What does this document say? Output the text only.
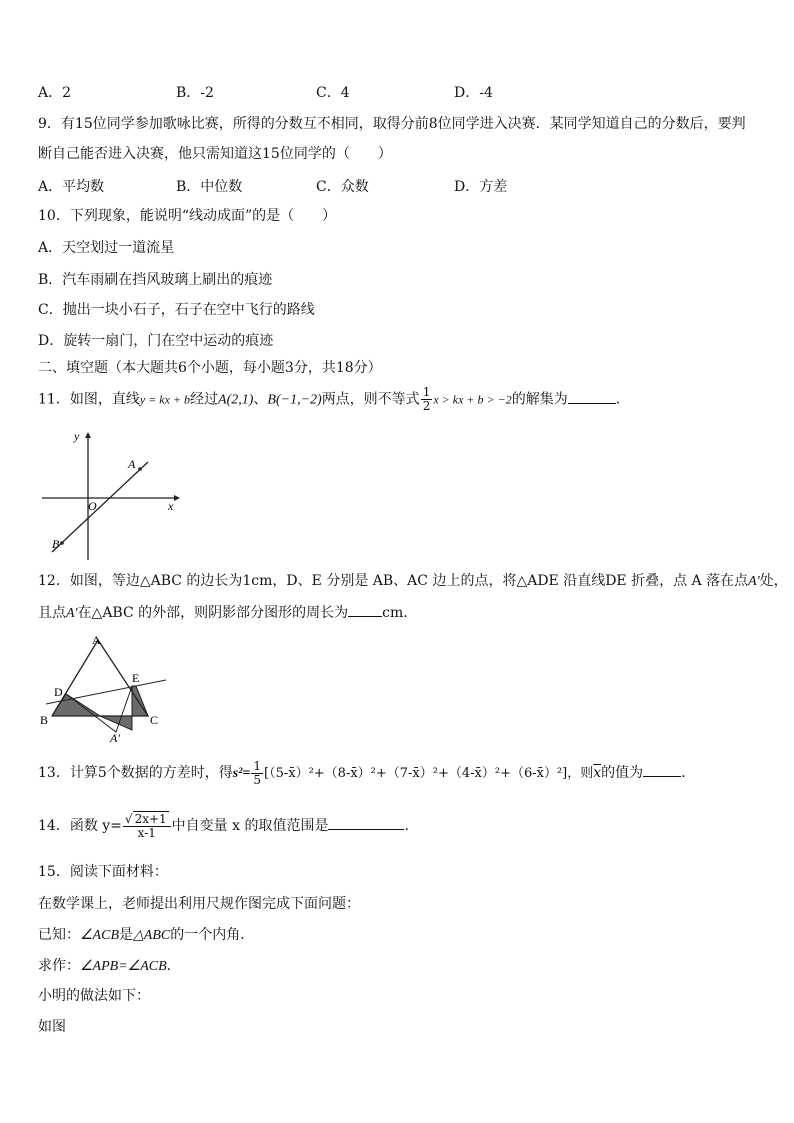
A．2	B．-2	C．4	D．-4
9．有15位同学参加歌咏比赛，所得的分数互不相同，取得分前8位同学进入决赛．某同学知道自己的分数后，要判
断自己能否进入决赛，他只需知道这15位同学的（　　）
A．平均数	B．中位数	C．众数	D．方差
10．下列现象，能说明“线动成面”的是（　　）
A．天空划过一道流星
B．汽车雨刷在挡风玻璃上刷出的痕迹
C．抛出一块小石子，石子在空中飞行的路线
D．旋转一扇门，门在空中运动的痕迹
二、填空题（本大题共6个小题，每小题3分，共18分）
11．如图，直线y = kx + b经过A(2,1)、B(−1,−2)两点，则不等式 $\frac{1}{2}$ x > kx + b > −2的解集为	.
y
x
O
A
B
12．如图，等边△ABC 的边长为1cm，D、E 分别是 AB、AC 边上的点，将△ADE 沿直线DE 折叠，点 A 落在点A'处，
且点A'在△ABC 的外部，则阴影部分图形的周长为 cm.
A
D
E
B	C
A'
13．计算5个数据的方差时，得$s^2= \frac{1}{5}$ [（5-x̄）²+（8-x̄）²+（7-x̄）²+（4-x̄）²+（6-x̄）²]，则$\overline{x}$的值为	.
14．函数 $y= \frac{√ 2x+1}{x-1}$ 中自变量 x 的取值范围是	.
15．阅读下面材料：
在数学课上，老师提出利用尺规作图完成下面问题：
已知：∠ACB是△ABC的一个内角．
求作：∠APB=∠ACB．
小明的做法如下：
如图
